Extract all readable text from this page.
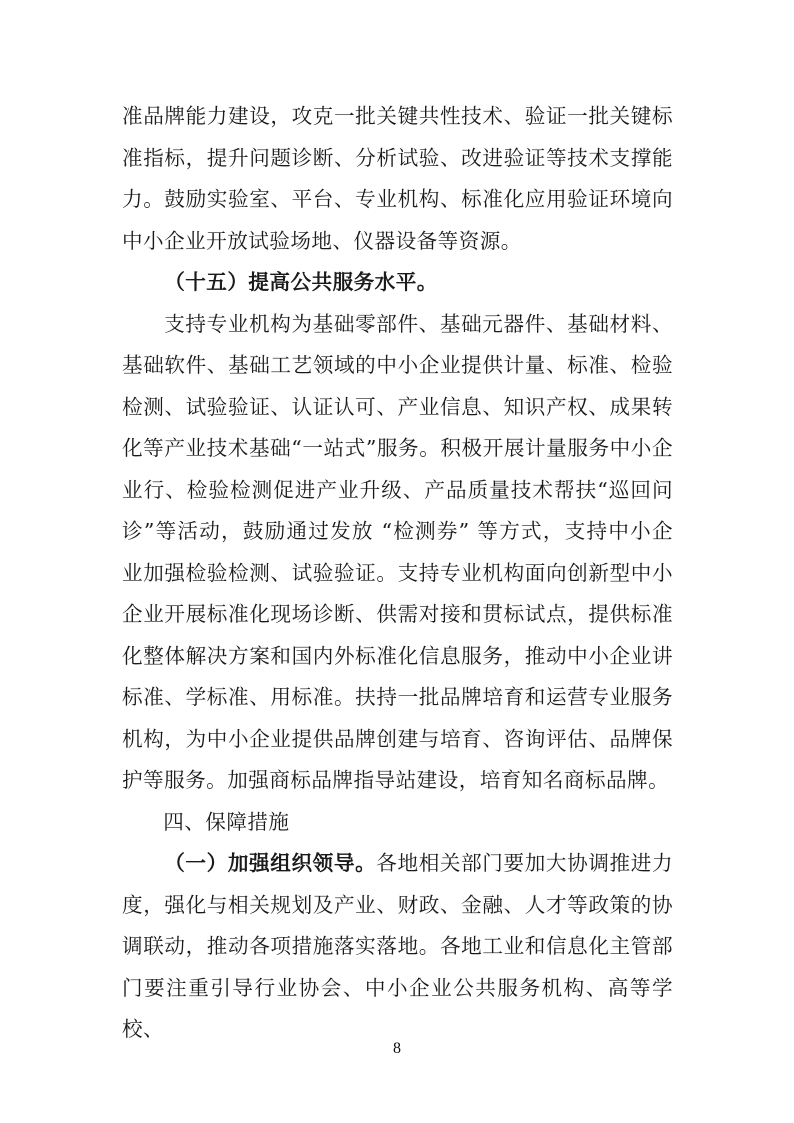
准品牌能力建设，攻克一批关键共性技术、验证一批关键标准指标，提升问题诊断、分析试验、改进验证等技术支撑能力。鼓励实验室、平台、专业机构、标准化应用验证环境向中小企业开放试验场地、仪器设备等资源。

（十五）提高公共服务水平。

支持专业机构为基础零部件、基础元器件、基础材料、基础软件、基础工艺领域的中小企业提供计量、标准、检验检测、试验验证、认证认可、产业信息、知识产权、成果转化等产业技术基础“一站式”服务。积极开展计量服务中小企业行、检验检测促进产业升级、产品质量技术帮扶“巡回问诊”等活动，鼓励通过发放 “检测券” 等方式，支持中小企业加强检验检测、试验验证。支持专业机构面向创新型中小企业开展标准化现场诊断、供需对接和贯标试点，提供标准化整体解决方案和国内外标准化信息服务，推动中小企业讲标准、学标准、用标准。扶持一批品牌培育和运营专业服务机构，为中小企业提供品牌创建与培育、咨询评估、品牌保护等服务。加强商标品牌指导站建设，培育知名商标品牌。

四、保障措施

（一）加强组织领导。各地相关部门要加大协调推进力度，强化与相关规划及产业、财政、金融、人才等政策的协调联动，推动各项措施落实落地。各地工业和信息化主管部门要注重引导行业协会、中小企业公共服务机构、高等学校、

8
